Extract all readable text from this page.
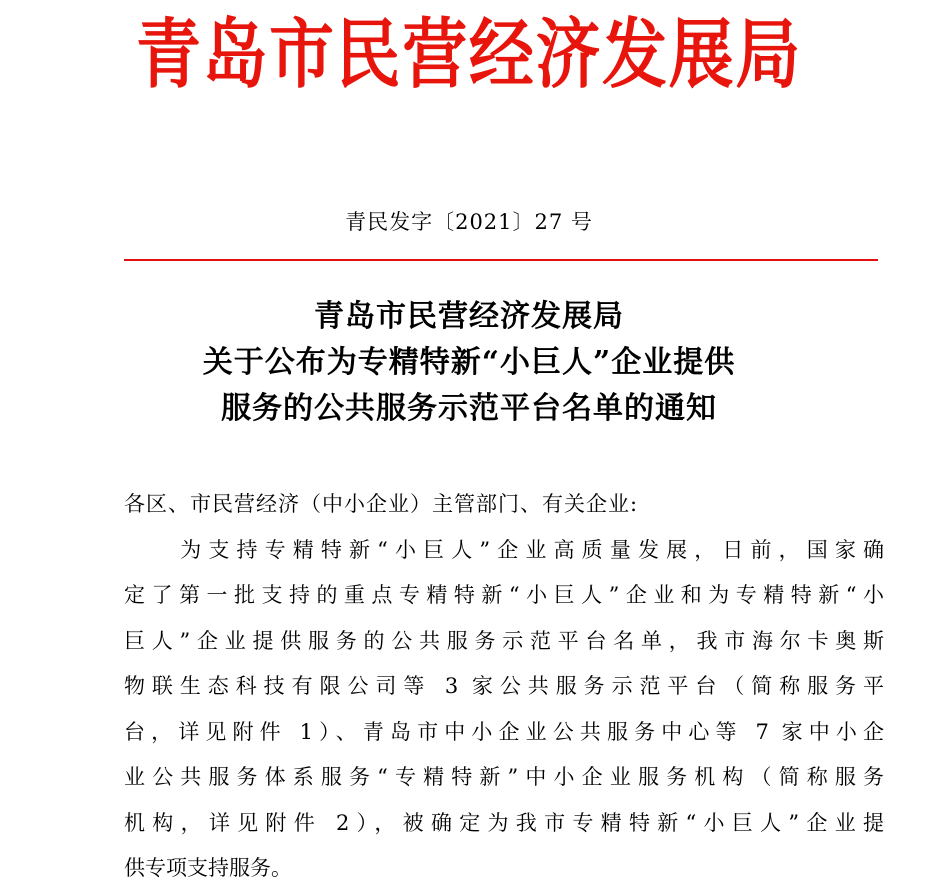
青岛市民营经济发展局
青民发字〔2021〕27 号
青岛市民营经济发展局
关于公布为专精特新“小巨人”企业提供
服务的公共服务示范平台名单的通知
各区、市民营经济（中小企业）主管部门、有关企业:
　　为支持专精特新“小巨人”企业高质量发展，日前，国家确
定了第一批支持的重点专精特新“小巨人”企业和为专精特新“小
巨人”企业提供服务的公共服务示范平台名单，我市海尔卡奥斯
物联生态科技有限公司等 3 家公共服务示范平台（简称服务平
台，详见附件 1）、青岛市中小企业公共服务中心等 7 家中小企
业公共服务体系服务“专精特新”中小企业服务机构（简称服务
机构，详见附件 2），被确定为我市专精特新“小巨人”企业提
供专项支持服务。
